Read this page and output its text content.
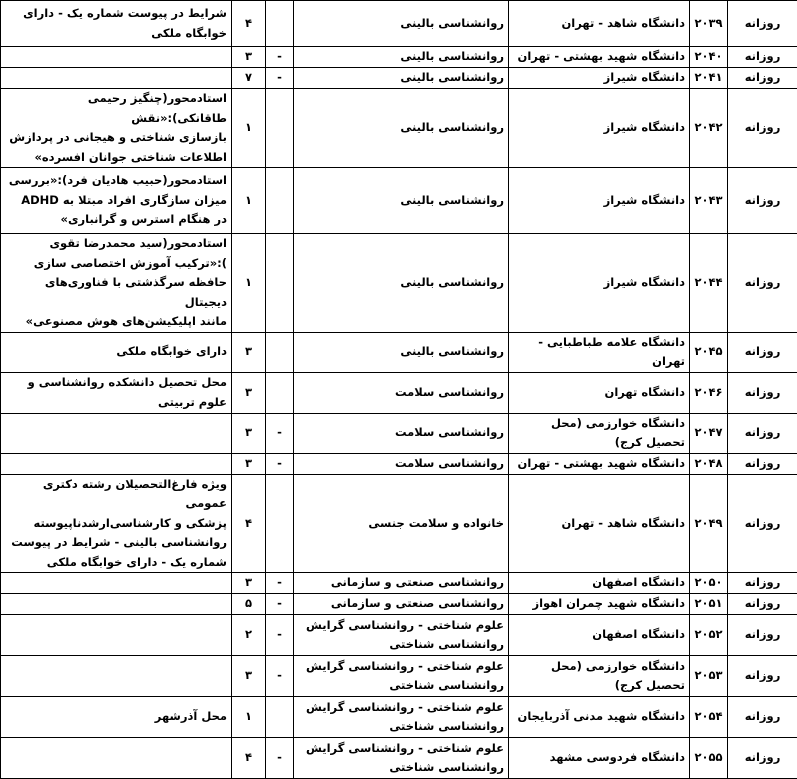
روزانه	۲۰۳۹	دانشگاه شاهد - تهران	روانشناسی بالینی		۴	شرایط در پیوست شماره یک - دارای
خوابگاه ملکی
روزانه	۲۰۴۰	دانشگاه شهید بهشتی - تهران	روانشناسی بالینی	-	۳	
روزانه	۲۰۴۱	دانشگاه شیراز	روانشناسی بالینی	-	۷	
روزانه	۲۰۴۲	دانشگاه شیراز	روانشناسی بالینی		۱	استادمحور(چنگیز رحیمی طاقانکی):«نقش
بازسازی شناختی و هیجانی در پردازش
اطلاعات شناختی جوانان افسرده»
روزانه	۲۰۴۳	دانشگاه شیراز	روانشناسی بالینی		۱	استادمحور(حبیب هادیان فرد):«بررسی
میزان سازگاری افراد مبتلا به ADHD
در هنگام استرس و گرانباری»
روزانه	۲۰۴۴	دانشگاه شیراز	روانشناسی بالینی		۱	استادمحور(سید محمدرضا تقوی
):«ترکیب آموزش اختصاصی سازی
حافظه سرگذشتی با فناوری‌های دیجیتال
مانند اپلیکیشن‌های هوش مصنوعی»
روزانه	۲۰۴۵	دانشگاه علامه طباطبایی - تهران	روانشناسی بالینی		۳	دارای خوابگاه ملکی
روزانه	۲۰۴۶	دانشگاه تهران	روانشناسی سلامت		۳	محل تحصیل دانشکده روانشناسی و
علوم تربیتی
روزانه	۲۰۴۷	دانشگاه خوارزمی (محل تحصیل کرج)	روانشناسی سلامت	-	۳	
روزانه	۲۰۴۸	دانشگاه شهید بهشتی - تهران	روانشناسی سلامت	-	۳	
روزانه	۲۰۴۹	دانشگاه شاهد - تهران	خانواده و سلامت جنسی		۴	ویژه فارغ‌التحصیلان رشته دکتری عمومی
پزشکی و کارشناسی‌ارشدناپیوسته
روانشناسی بالینی - شرایط در پیوست
شماره یک - دارای خوابگاه ملکی
روزانه	۲۰۵۰	دانشگاه اصفهان	روانشناسی صنعتی و سازمانی	-	۳	
روزانه	۲۰۵۱	دانشگاه شهید چمران اهواز	روانشناسی صنعتی و سازمانی	-	۵	
روزانه	۲۰۵۲	دانشگاه اصفهان	علوم شناختی - روانشناسی گرایش
روانشناسی شناختی	-	۲	
روزانه	۲۰۵۳	دانشگاه خوارزمی (محل تحصیل کرج)	علوم شناختی - روانشناسی گرایش
روانشناسی شناختی	-	۳	
روزانه	۲۰۵۴	دانشگاه شهید مدنی آذربایجان	علوم شناختی - روانشناسی گرایش
روانشناسی شناختی		۱	محل آذرشهر
روزانه	۲۰۵۵	دانشگاه فردوسی مشهد	علوم شناختی - روانشناسی گرایش
روانشناسی شناختی	-	۴	
